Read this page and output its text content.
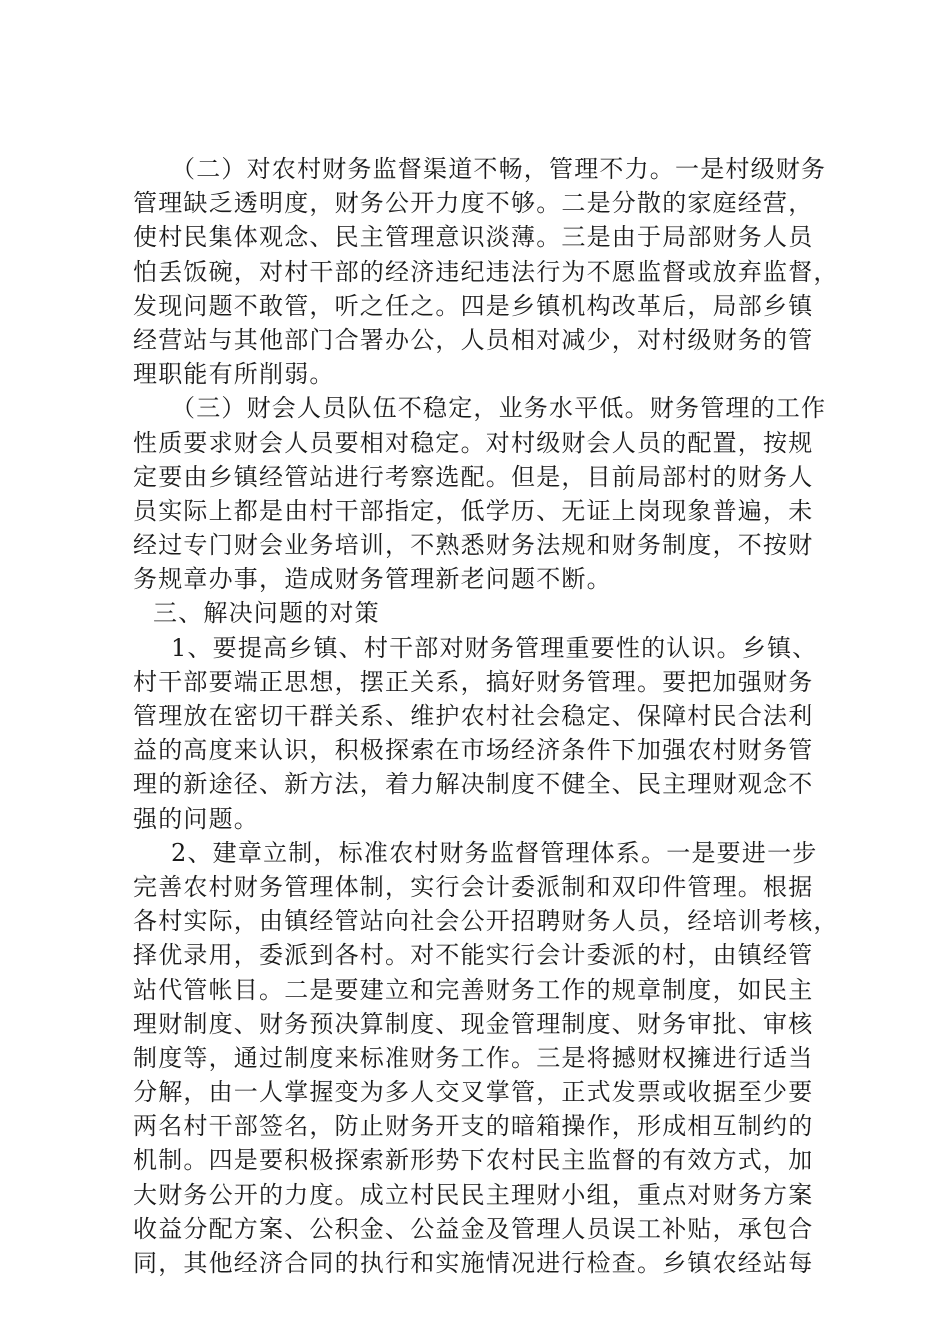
（二）对农村财务监督渠道不畅，管理不力。一是村级财务
管理缺乏透明度，财务公开力度不够。二是分散的家庭经营，
使村民集体观念、民主管理意识淡薄。三是由于局部财务人员
怕丢饭碗，对村干部的经济违纪违法行为不愿监督或放弃监督，
发现问题不敢管，听之任之。四是乡镇机构改革后，局部乡镇
经营站与其他部门合署办公，人员相对减少，对村级财务的管
理职能有所削弱。
（三）财会人员队伍不稳定，业务水平低。财务管理的工作
性质要求财会人员要相对稳定。对村级财会人员的配置，按规
定要由乡镇经管站进行考察选配。但是，目前局部村的财务人
员实际上都是由村干部指定，低学历、无证上岗现象普遍，未
经过专门财会业务培训，不熟悉财务法规和财务制度，不按财
务规章办事，造成财务管理新老问题不断。
三、解决问题的对策
1、要提高乡镇、村干部对财务管理重要性的认识。乡镇、
村干部要端正思想，摆正关系，搞好财务管理。要把加强财务
管理放在密切干群关系、维护农村社会稳定、保障村民合法利
益的高度来认识，积极探索在市场经济条件下加强农村财务管
理的新途径、新方法，着力解决制度不健全、民主理财观念不
强的问题。
2、建章立制，标准农村财务监督管理体系。一是要进一步
完善农村财务管理体制，实行会计委派制和双印件管理。根据
各村实际，由镇经管站向社会公开招聘财务人员，经培训考核，
择优录用，委派到各村。对不能实行会计委派的村，由镇经管
站代管帐目。二是要建立和完善财务工作的规章制度，如民主
理财制度、财务预决算制度、现金管理制度、财务审批、审核
制度等，通过制度来标准财务工作。三是将撼财权擁进行适当
分解，由一人掌握变为多人交叉掌管，正式发票或收据至少要
两名村干部签名，防止财务开支的暗箱操作，形成相互制约的
机制。四是要积极探索新形势下农村民主监督的有效方式，加
大财务公开的力度。成立村民民主理财小组，重点对财务方案
收益分配方案、公积金、公益金及管理人员误工补贴，承包合
同，其他经济合同的执行和实施情况进行检查。乡镇农经站每
